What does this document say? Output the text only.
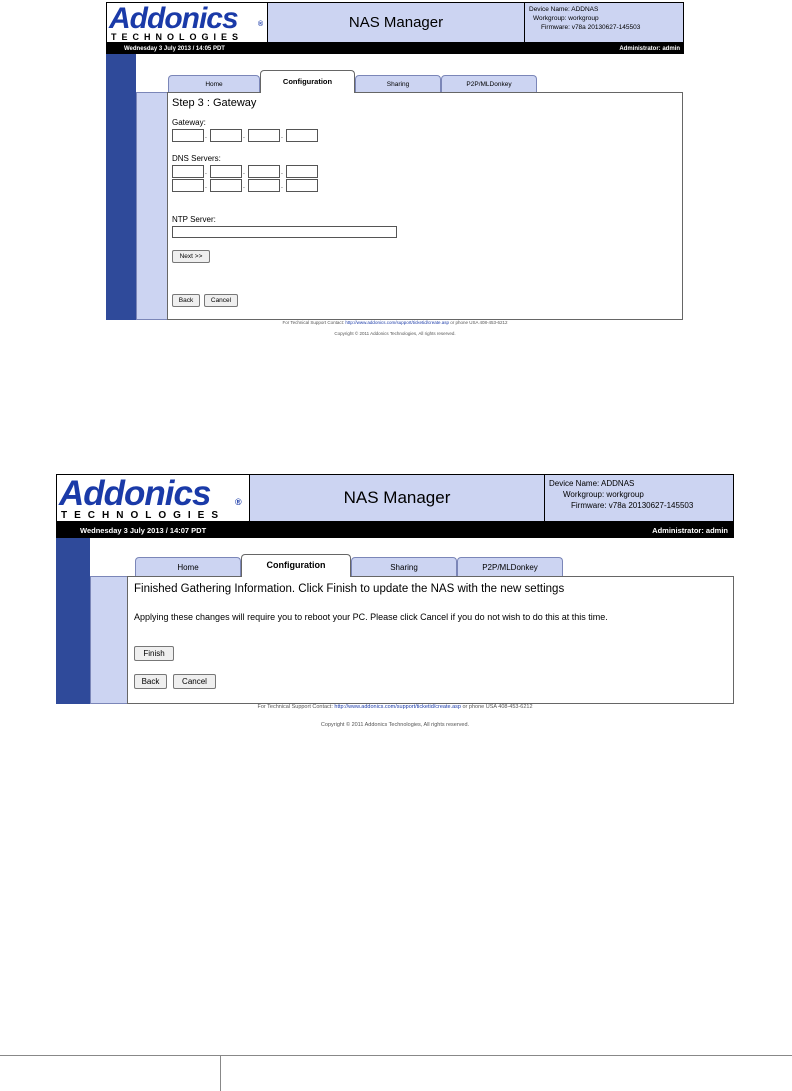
Addonics	®
TECHNOLOGIES
NAS Manager
Device Name: ADDNAS
Workgroup: workgroup
Firmware: v78a 20130627-145503
Wednesday 3 July 2013 / 14:05 PDT	Administrator: admin
Home	Configuration	Sharing	P2P/MLDonkey
Step 3 : Gateway
Gateway:
.	.	.
DNS Servers:
.	.	.
.	.	.
NTP Server:
Next >>
Back	Cancel
For Technical Support Contact: http://www.addonics.com/support/ticketid/create.asp or phone USA 408-453-6212
Copyright © 2011 Addonics Technologies, All rights reserved.
Addonics	®
TECHNOLOGIES
NAS Manager
Device Name: ADDNAS
Workgroup: workgroup
Firmware: v78a 20130627-145503
Wednesday 3 July 2013 / 14:07 PDT	Administrator: admin
Home	Configuration	Sharing	P2P/MLDonkey
Finished Gathering Information. Click Finish to update the NAS with the new settings
Applying these changes will require you to reboot your PC. Please click Cancel if you do not wish to do this at this time.
Finish
Back	Cancel
For Technical Support Contact: http://www.addonics.com/support/ticketid/create.asp or phone USA 408-453-6212
Copyright © 2011 Addonics Technologies, All rights reserved.
